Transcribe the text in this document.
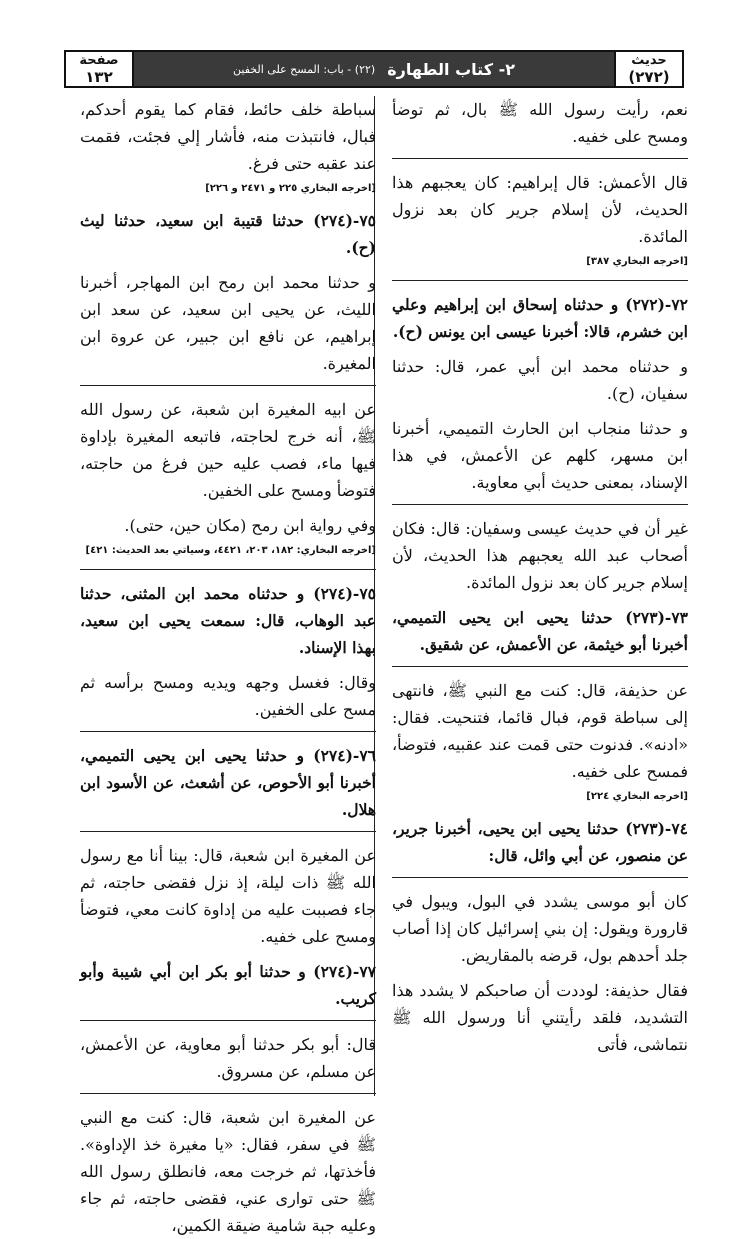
حديث
(٢٧٢)
٢- كتاب الطهارة
(٢٢) - باب: المسح على الخفين
صفحة
١٣٢

نعم، رأيت رسول الله ﷺ بال، ثم توضأ ومسح على خفيه.

قال الأعمش: قال إبراهيم: كان يعجبهم هذا الحديث، لأن إسلام جرير كان بعد نزول المائدة.

[اخرجه البخاري ٣٨٧]

٧٢-(٢٧٢) و حدثناه إسحاق ابن إبراهيم وعلي ابن خشرم، قالا: أخبرنا عيسى ابن يونس (ح).

و حدثناه محمد ابن أبي عمر، قال: حدثنا سفيان، (ح).

و حدثنا منجاب ابن الحارث التميمي، أخبرنا ابن مسهر، كلهم عن الأعمش، في هذا الإسناد، بمعنى حديث أبي معاوية.

غير أن في حديث عيسى وسفيان: قال: فكان أصحاب عبد الله يعجبهم هذا الحديث، لأن إسلام جرير كان بعد نزول المائدة.

٧٣-(٢٧٣) حدثنا يحيى ابن يحيى التميمي، أخبرنا أبو خيثمة، عن الأعمش، عن شقيق.

عن حذيفة، قال: كنت مع النبي ﷺ، فانتهى إلى سباطة قوم، فبال قائما، فتنحيت. فقال: «ادنه». فدنوت حتى قمت عند عقبيه، فتوضأ، فمسح على خفيه.

[اخرجه البخاري ٢٢٤]

٧٤-(٢٧٣) حدثنا يحيى ابن يحيى، أخبرنا جرير، عن منصور، عن أبي وائل، قال:

كان أبو موسى يشدد في البول، ويبول في قارورة ويقول: إن بني إسرائيل كان إذا أصاب جلد أحدهم بول، قرضه بالمقاريض.

فقال حذيفة: لوددت أن صاحبكم لا يشدد هذا التشديد، فلقد رأيتني أنا ورسول الله ﷺ نتماشى، فأتى

سباطة خلف حائط، فقام كما يقوم أحدكم، فبال، فانتبذت منه، فأشار إلي فجئت، فقمت عند عقبه حتى فرغ.

[اخرجه البخاري ٢٢٥ و ٢٤٧١ و ٢٢٦]

٧٥-(٢٧٤) حدثنا قتيبة ابن سعيد، حدثنا ليث (ح).

و حدثنا محمد ابن رمح ابن المهاجر، أخبرنا الليث، عن يحيى ابن سعيد، عن سعد ابن إبراهيم، عن نافع ابن جبير، عن عروة ابن المغيرة.

عن ابيه المغيرة ابن شعبة، عن رسول الله ﷺ، أنه خرج لحاجته، فاتبعه المغيرة بإداوة فيها ماء، فصب عليه حين فرغ من حاجته، فتوضأ ومسح على الخفين.

وفي رواية ابن رمح (مكان حين، حتى).

[اخرجه البخاري: ١٨٢، ٢٠٣، ٤٤٢١، وسياتي بعد الحديث: ٤٢١]

٧٥-(٢٧٤) و حدثناه محمد ابن المثنى، حدثنا عبد الوهاب، قال: سمعت يحيى ابن سعيد، بهذا الإسناد.

وقال: فغسل وجهه ويديه ومسح برأسه ثم مسح على الخفين.

٧٦-(٢٧٤) و حدثنا يحيى ابن يحيى التميمي، أخبرنا أبو الأحوص، عن أشعث، عن الأسود ابن هلال.

عن المغيرة ابن شعبة، قال: بينا أنا مع رسول الله ﷺ ذات ليلة، إذ نزل فقضى حاجته، ثم جاء فصببت عليه من إداوة كانت معي، فتوضأ ومسح على خفيه.

٧٧-(٢٧٤) و حدثنا أبو بكر ابن أبي شيبة وأبو كريب.

قال: أبو بكر حدثنا أبو معاوية، عن الأعمش، عن مسلم، عن مسروق.

عن المغيرة ابن شعبة، قال: كنت مع النبي ﷺ في سفر، فقال: «يا مغيرة خذ الإداوة». فأخذتها، ثم خرجت معه، فانطلق رسول الله ﷺ حتى توارى عني، فقضى حاجته، ثم جاء وعليه جبة شامية ضيقة الكمين،
